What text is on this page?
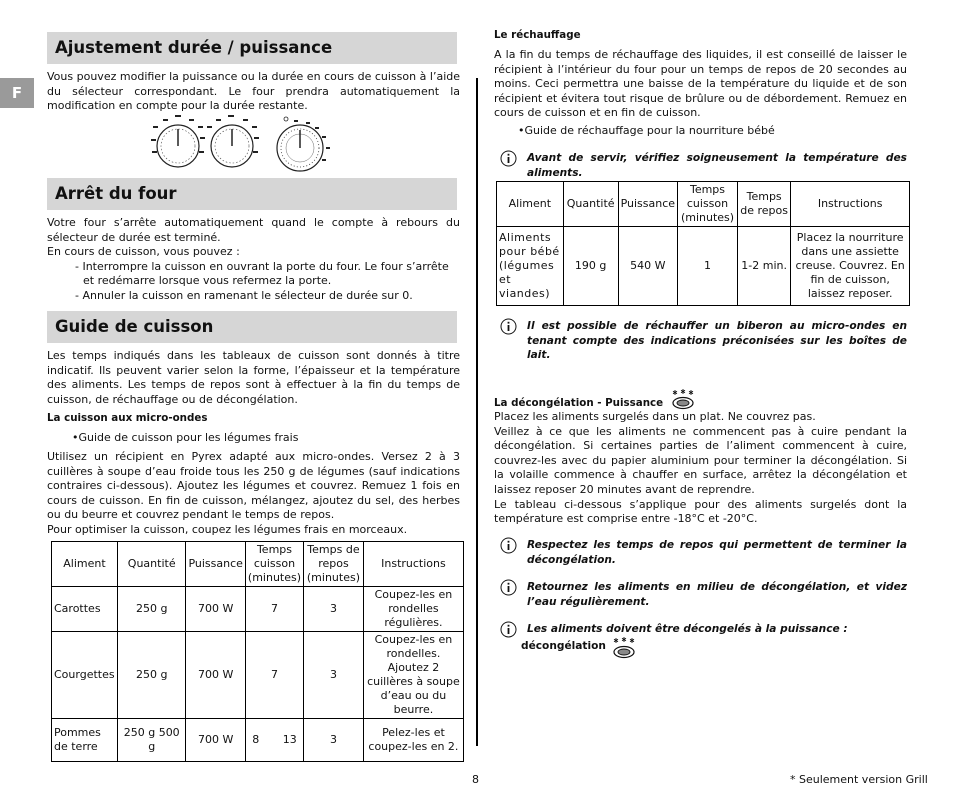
F
Ajustement durée / puissance
Vous pouvez modifier la puissance ou la durée en cours de cuisson à l’aide du sélecteur correspondant. Le four prendra automatiquement la modification en compte pour la durée restante.
Arrêt du four

Votre four s’arrête automatiquement quand le compte à rebours du sélecteur de durée est terminé.

En cours de cuisson, vous pouvez :

- Interrompre la cuisson en ouvrant la porte du four. Le four s’arrête

et redémarre lorsque vous refermez la porte.

- Annuler la cuisson en ramenant le sélecteur de durée sur 0.

Guide de cuisson
Les temps indiqués dans les tableaux de cuisson sont donnés à titre indicatif. Ils peuvent varier selon la forme, l’épaisseur et la température des aliments. Les temps de repos sont à effectuer à la fin du temps de cuisson, de réchauffage ou de décongélation.
La cuisson aux micro-ondes
•Guide de cuisson pour les légumes frais

Utilisez un récipient en Pyrex adapté aux micro-ondes. Versez 2 à 3 cuillères à soupe d’eau froide tous les 250 g de légumes (sauf indications contraires ci-dessous). Ajoutez les légumes et couvrez. Remuez 1 fois en cours de cuisson. En fin de cuisson, mélangez, ajoutez du sel, des herbes ou du beurre et couvrez pendant le temps de repos.

Pour optimiser la cuisson, coupez les légumes frais en morceaux.

Aliment	Quantité	Puissance	Temps cuisson (minutes)	Temps de repos (minutes)	Instructions
Carottes	250 g	700 W	7	3	Coupez-les en rondelles régulières.
Courgettes	250 g	700 W	7	3	Coupez-les en rondelles. Ajoutez 2 cuillères à soupe d’eau ou du beurre.
Pommes de terre	250 g 500 g	700 W	8 13	3	Pelez-les et coupez-les en 2.
Le réchauffage
A la fin du temps de réchauffage des liquides, il est conseillé de laisser le récipient à l’intérieur du four pour un temps de repos de 20 secondes au moins. Ceci permettra une baisse de la température du liquide et de son récipient et évitera tout risque de brûlure ou de débordement. Remuez en cours de cuisson et en fin de cuisson.
•Guide de réchauffage pour la nourriture bébé
Avant de servir, vérifiez soigneusement la température des aliments.
Aliment	Quantité	Puissance	Temps cuisson (minutes)	Temps de repos	Instructions
Aliments pour bébé (légumes et viandes)	190 g	540 W	1	1-2 min.	Placez la nourriture dans une assiette creuse. Couvrez. En fin de cuisson, laissez reposer.
Il est possible de réchauffer un biberon au micro-ondes en tenant compte des indications préconisées sur les boîtes de lait.
La décongélation - Puissance

Placez les aliments surgelés dans un plat. Ne couvrez pas.

Veillez à ce que les aliments ne commencent pas à cuire pendant la décongélation. Si certaines parties de l’aliment commencent à cuire, couvrez-les avec du papier aluminium pour terminer la décongélation. Si la volaille commence à chauffer en surface, arrêtez la décongélation et laissez reposer 20 minutes avant de reprendre.

Le tableau ci-dessous s’applique pour des aliments surgelés dont la température est comprise entre -18°C et -20°C.

Respectez les temps de repos qui permettent de terminer la décongélation.
Retournez les aliments en milieu de décongélation, et videz l’eau régulièrement.
Les aliments doivent être décongelés à la puissance :
décongélation
8	* Seulement version Grill
